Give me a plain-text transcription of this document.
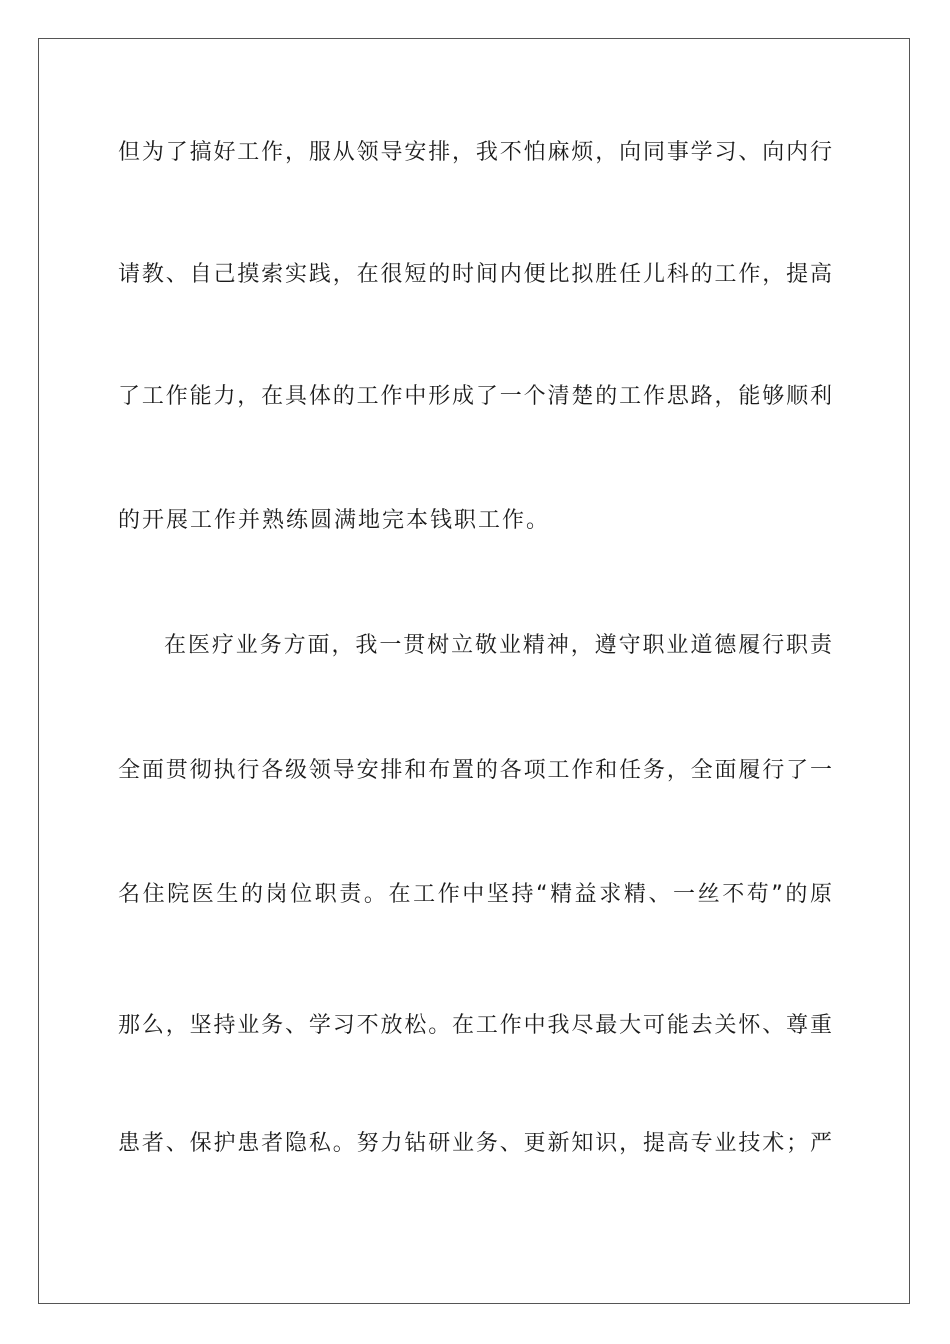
但为了搞好工作，服从领导安排，我不怕麻烦，向同事学习、向内行
请教、自己摸索实践，在很短的时间内便比拟胜任儿科的工作，提高
了工作能力，在具体的工作中形成了一个清楚的工作思路，能够顺利
的开展工作并熟练圆满地完本钱职工作。
在医疗业务方面，我一贯树立敬业精神，遵守职业道德履行职责
全面贯彻执行各级领导安排和布置的各项工作和任务，全面履行了一
名住院医生的岗位职责。在工作中坚持“精益求精、一丝不苟”的原
那么，坚持业务、学习不放松。在工作中我尽最大可能去关怀、尊重
患者、保护患者隐私。努力钻研业务、更新知识，提高专业技术；严
